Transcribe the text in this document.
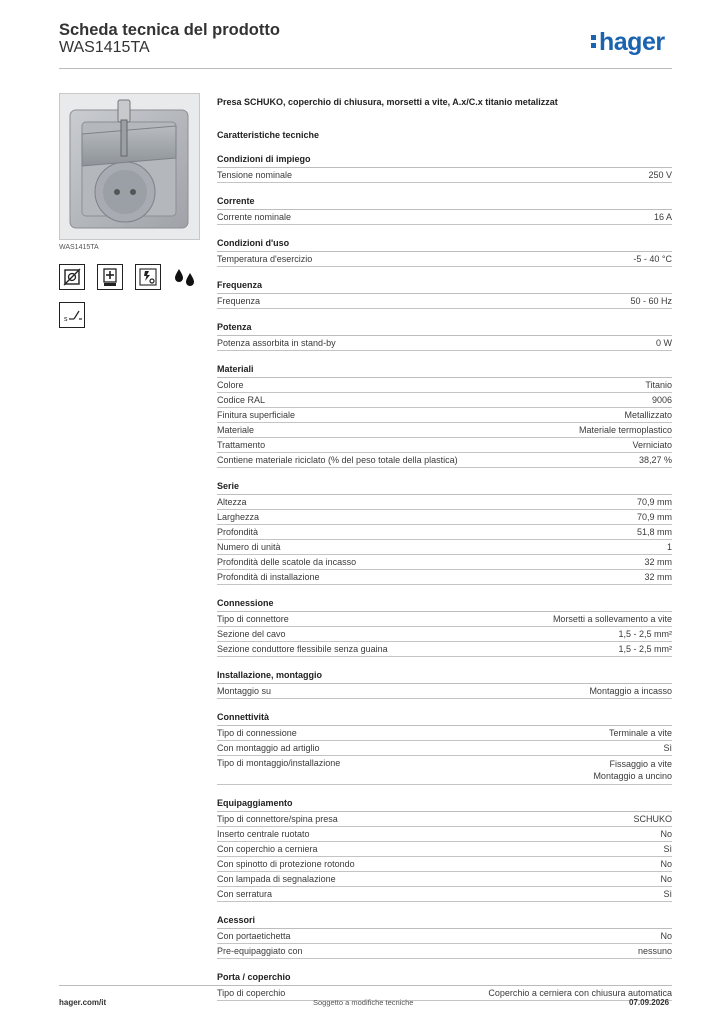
Scheda tecnica del prodotto
WAS1415TA	hager
WAS1415TA
s
Presa SCHUKO, coperchio di chiusura, morsetti a vite, A.x/C.x titanio metalizzat
Caratteristiche tecniche
Condizioni di impiego
Tensione nominale	250 V
Corrente
Corrente nominale	16 A
Condizioni d'uso
Temperatura d'esercizio	-5 - 40 °C
Frequenza
Frequenza	50 - 60 Hz
Potenza
Potenza assorbita in stand-by	0 W
Materiali
Colore	Titanio
Codice RAL	9006
Finitura superficiale	Metallizzato
Materiale	Materiale termoplastico
Trattamento	Verniciato
Contiene materiale riciclato (% del peso totale della plastica)	38,27 %
Serie
Altezza	70,9 mm
Larghezza	70,9 mm
Profondità	51,8 mm
Numero di unità	1
Profondità delle scatole da incasso	32 mm
Profondità di installazione	32 mm
Connessione
Tipo di connettore	Morsetti a sollevamento a vite
Sezione del cavo	1,5 - 2,5 mm²
Sezione conduttore flessibile senza guaina	1,5 - 2,5 mm²
Installazione, montaggio
Montaggio su	Montaggio a incasso
Connettività
Tipo di connessione	Terminale a vite
Con montaggio ad artiglio	Sì
Tipo di montaggio/installazione	Fissaggio a vite
Montaggio a uncino
Equipaggiamento
Tipo di connettore/spina presa	SCHUKO
Inserto centrale ruotato	No
Con coperchio a cerniera	Sì
Con spinotto di protezione rotondo	No
Con lampada di segnalazione	No
Con serratura	Sì
Acessori
Con portaetichetta	No
Pre-equipaggiato con	nessuno
Porta / coperchio
Tipo di coperchio	Coperchio a cerniera con chiusura automatica
hager.com/it	Soggetto a modifiche tecniche	07.09.2026
